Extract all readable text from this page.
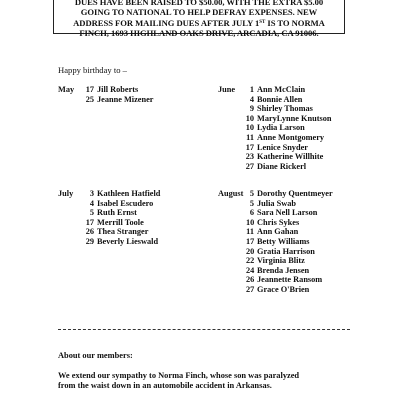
DUES HAVE BEEN RAISED TO $50.00, WITH THE EXTRA $5.00
GOING TO NATIONAL TO HELP DEFRAY EXPENSES. NEW
ADDRESS FOR MAILING DUES AFTER JULY 1ST IS TO NORMA
FINCH, 1693 HIGHLAND OAKS DRIVE, ARCADIA, CA 91006.
Happy birthday to –
May	17 Jill Roberts
25 Jeanne Mizener
June	1 Ann McClain
4 Bonnie Allen
9 Shirley Thomas
10 MaryLynne Knutson
10 Lydia Larson
11 Anne Montgomery
17 Lenice Snyder
23 Katherine Willhite
27 Diane Rickerl
July	3 Kathleen Hatfield
4 Isabel Escudero
5 Ruth Ernst
17 Merrill Toole
26 Thea Stranger
29 Beverly Lieswald
August 5 Dorothy Quentmeyer
5 Julia Swab
6 Sara Nell Larson
10 Chris Sykes
11 Ann Gahan
17 Betty Williams
20 Gratia Harrison
22 Virginia Blitz
24 Brenda Jensen
26 Jeannette Ransom
27 Grace O'Brien
About our members:
We extend our sympathy to Norma Finch, whose son was paralyzed
from the waist down in an automobile accident in Arkansas.
